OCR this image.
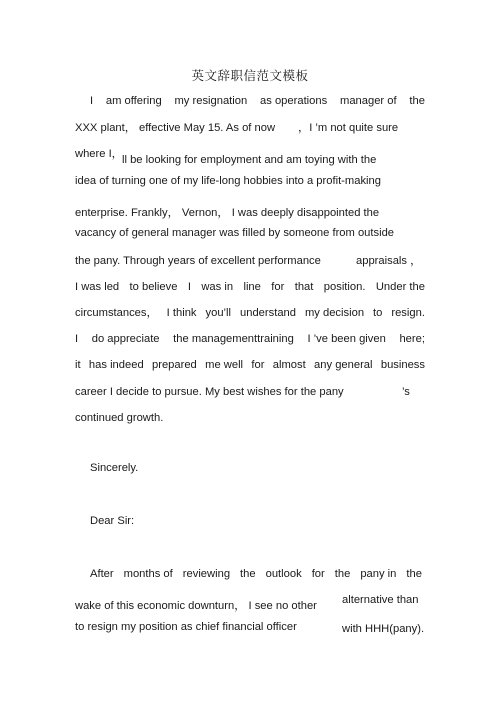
英文辞职信范文模板
I am offering my resignation as operations manager of the
XXX plant， effective May 15. As of now	，I ’m not quite sure
where I， ll be looking for employment and am toying with the
idea of turning one of my life-long hobbies into a profit-making
enterprise. Frankly， Vernon， I was deeply disappointed the
vacancy of general manager was filled by someone from outside
the pany. Through years of excellent performance	appraisals ，
I was led to believe I was in line for that position. Under the
circumstances， I think you’ll understand my decision to resign.
I do appreciate the managementtraining I ’ve been given here;
it has indeed prepared me well for almost any general business
career I decide to pursue. My best wishes for the pany	’s
continued growth.
Sincerely.
Dear Sir:
After months of reviewing the outlook for the pany in the
wake of this economic downturn， I see no other	alternative than
to resign my position as chief financial officer	with HHH(pany).
